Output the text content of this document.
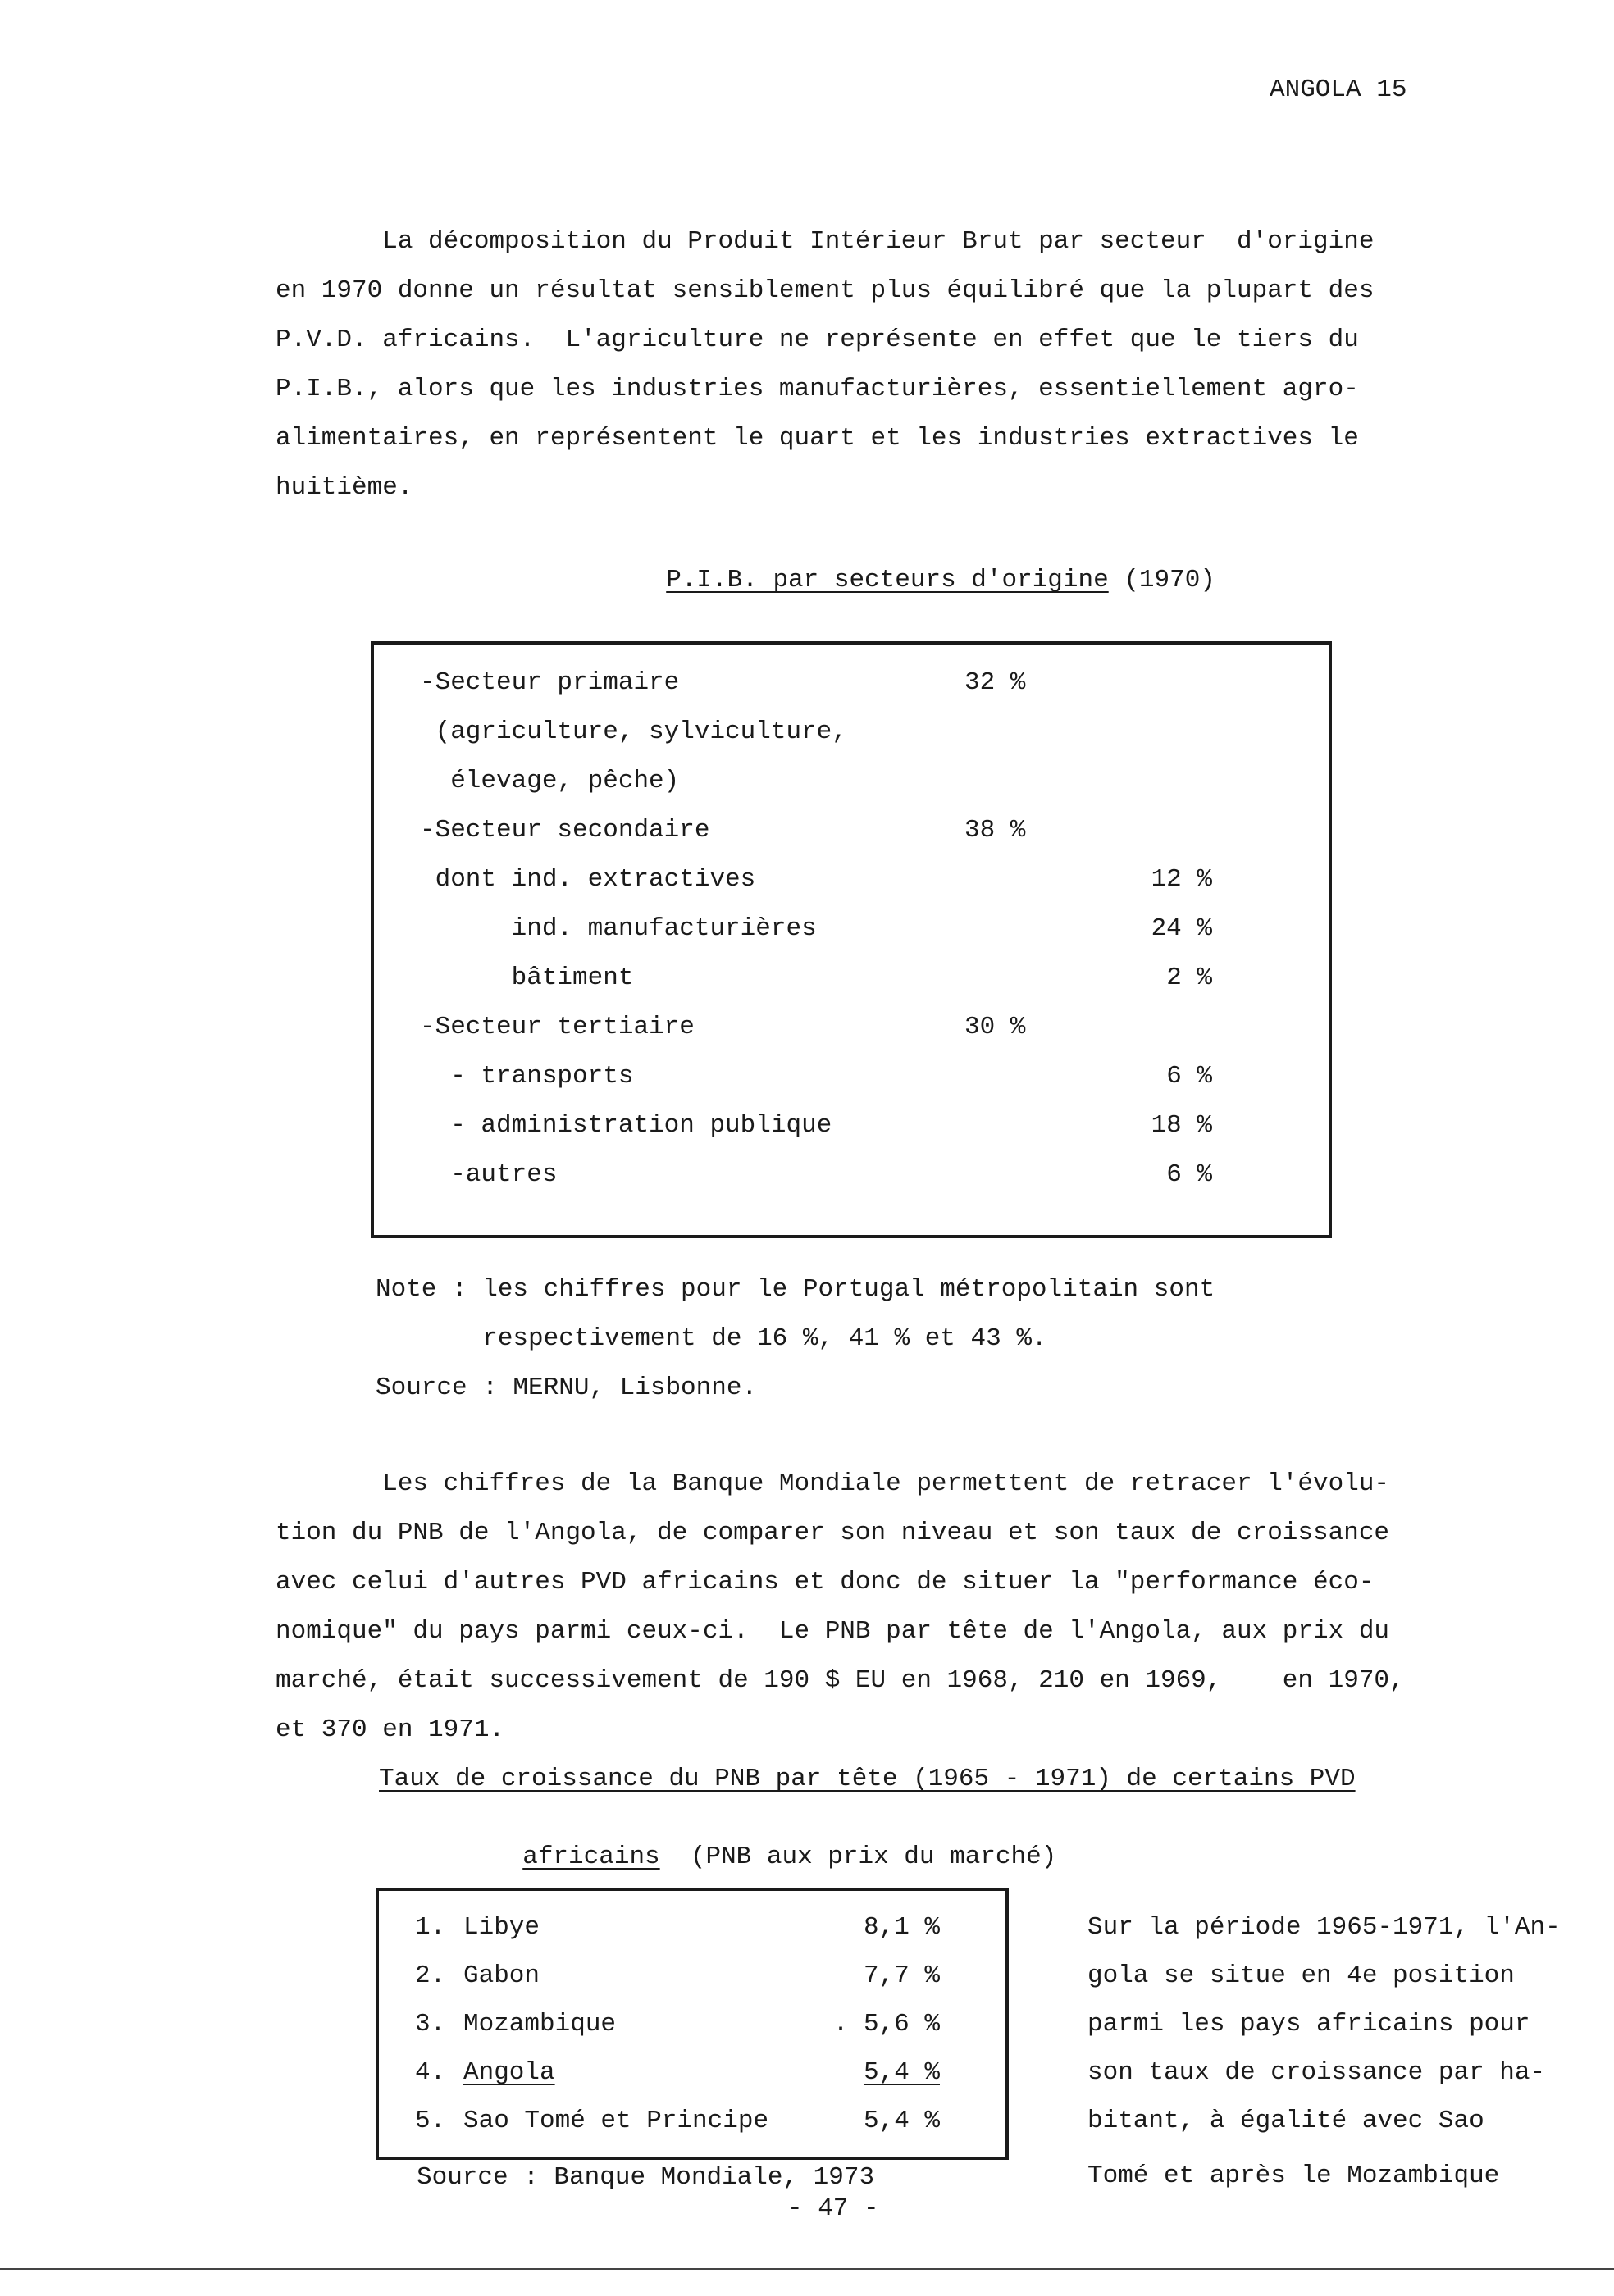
ANGOLA 15
La décomposition du Produit Intérieur Brut par secteur  d'origine
en 1970 donne un résultat sensiblement plus équilibré que la plupart des
P.V.D. africains.  L'agriculture ne représente en effet que le tiers du
P.I.B., alors que les industries manufacturières, essentiellement agro-
alimentaires, en représentent le quart et les industries extractives le
huitième.

P.I.B. par secteurs d'origine (1970)

-Secteur primaire	32 %
(agriculture, sylviculture,
élevage, pêche)
-Secteur secondaire	38 %
dont ind. extractives	12 %
ind. manufacturières	24 %
bâtiment	2 %
-Secteur tertiaire	30 %
- transports	6 %
- administration publique	18 %
-autres	6 %
Note : les chiffres pour le Portugal métropolitain sont
respectivement de 16 %, 41 % et 43 %.
Source : MERNU, Lisbonne.
Les chiffres de la Banque Mondiale permettent de retracer l'évolu-
tion du PNB de l'Angola, de comparer son niveau et son taux de croissance
avec celui d'autres PVD africains et donc de situer la "performance éco-
nomique" du pays parmi ceux-ci.  Le PNB par tête de l'Angola, aux prix du
marché, était successivement de 190 $ EU en 1968, 210 en 1969,    en 1970,
et 370 en 1971.
Taux de croissance du PNB par tête (1965 - 1971) de certains PVD

africains  (PNB aux prix du marché)

1. Libye	8,1 %
2. Gabon	7,7 %
3. Mozambique	. 5,6 %
4. Angola	5,4 %
5. Sao Tomé et Principe	5,4 %
Source : Banque Mondiale, 1973
Sur la période 1965-1971, l'An-
gola se situe en 4e position
parmi les pays africains pour
son taux de croissance par ha-
bitant, à égalité avec Sao
Tomé et après le Mozambique
- 47 -
